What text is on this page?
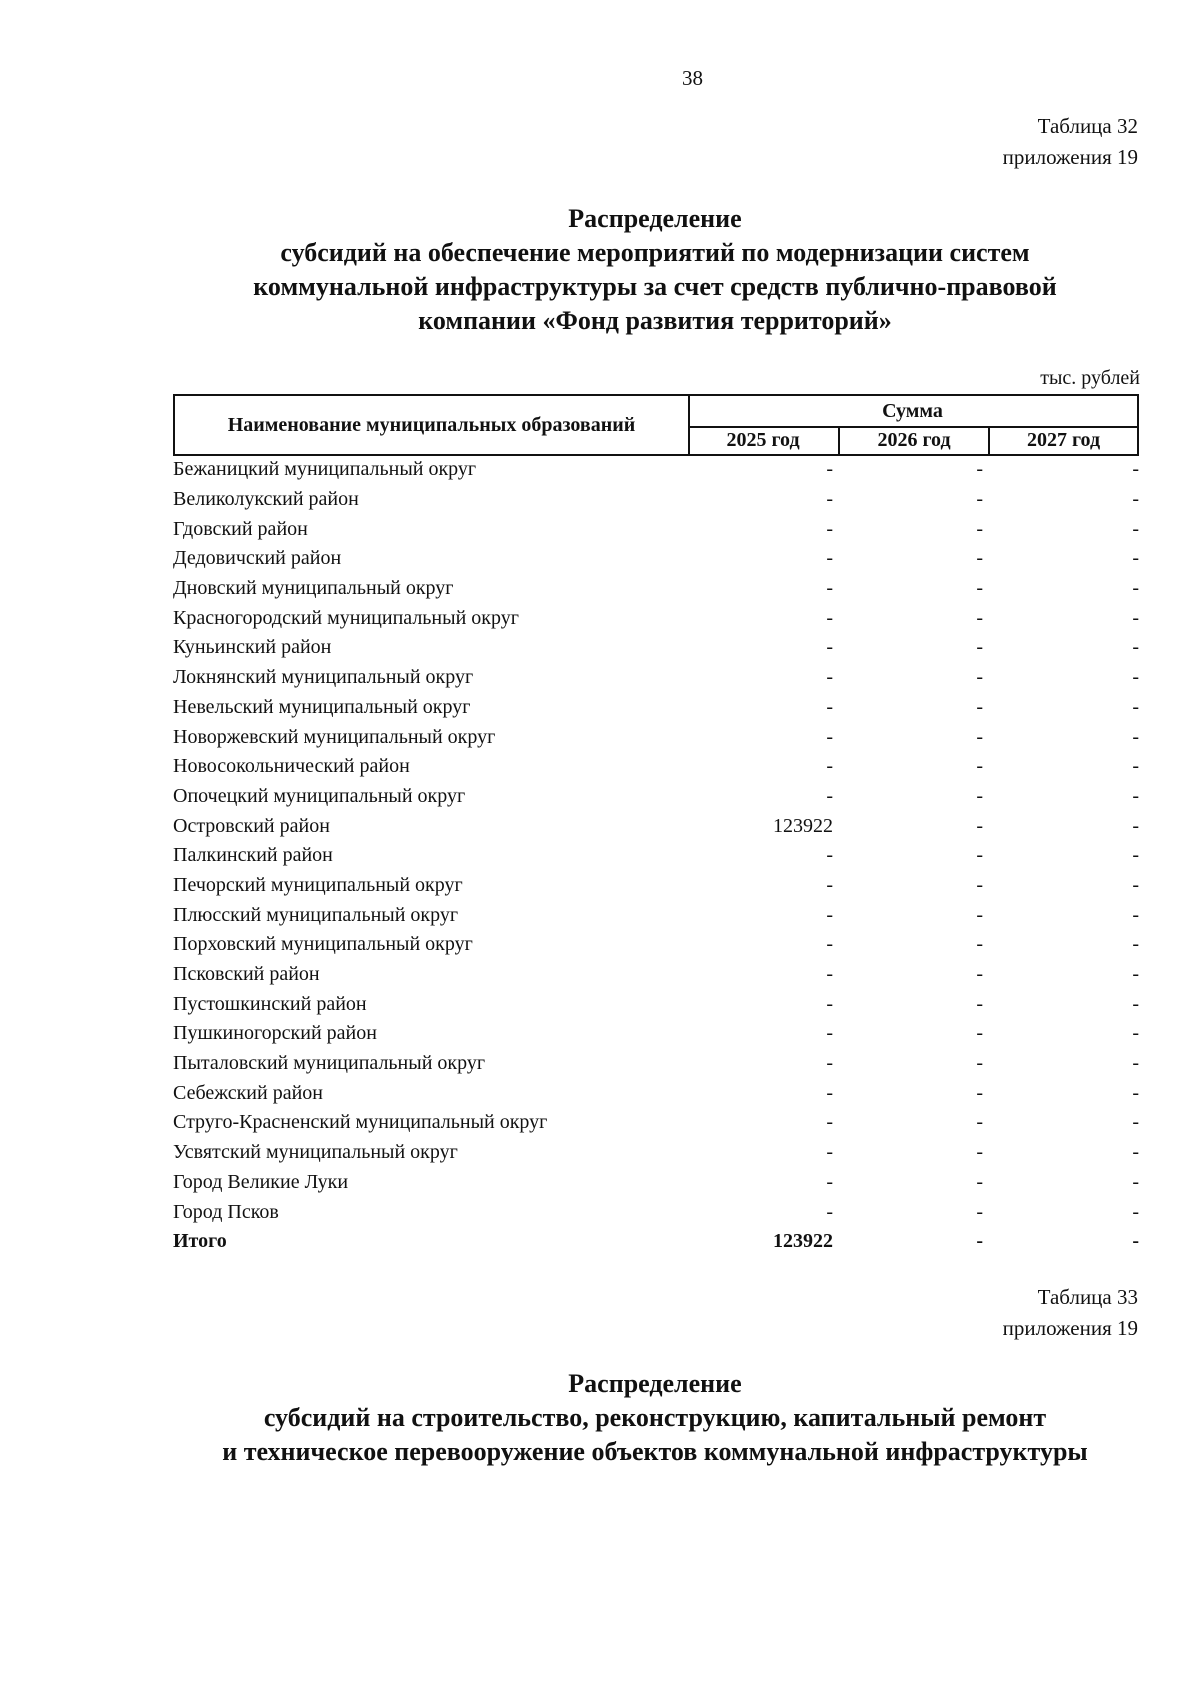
38
Таблица 32
приложения 19
Распределение
субсидий на обеспечение мероприятий по модернизации систем
коммунальной инфраструктуры за счет средств публично-правовой
компании «Фонд развития территорий»
тыс. рублей
Наименование муниципальных образований
Сумма
2025 год	2026 год	2027 год
Бежаницкий муниципальный округ	-	-	-
Великолукский район	-	-	-
Гдовский район	-	-	-
Дедовичский район	-	-	-
Дновский муниципальный округ	-	-	-
Красногородский муниципальный округ	-	-	-
Куньинский район	-	-	-
Локнянский муниципальный округ	-	-	-
Невельский муниципальный округ	-	-	-
Новоржевский муниципальный округ	-	-	-
Новосокольнический район	-	-	-
Опочецкий муниципальный округ	-	-	-
Островский район	123922	-	-
Палкинский район	-	-	-
Печорский муниципальный округ	-	-	-
Плюсский муниципальный округ	-	-	-
Порховский муниципальный округ	-	-	-
Псковский район	-	-	-
Пустошкинский район	-	-	-
Пушкиногорский район	-	-	-
Пыталовский муниципальный округ	-	-	-
Себежский район	-	-	-
Струго-Красненский муниципальный округ	-	-	-
Усвятский муниципальный округ	-	-	-
Город Великие Луки	-	-	-
Город Псков	-	-	-
Итого	123922	-	-
Таблица 33
приложения 19
Распределение
субсидий на строительство, реконструкцию, капитальный ремонт
и техническое перевооружение объектов коммунальной инфраструктуры
